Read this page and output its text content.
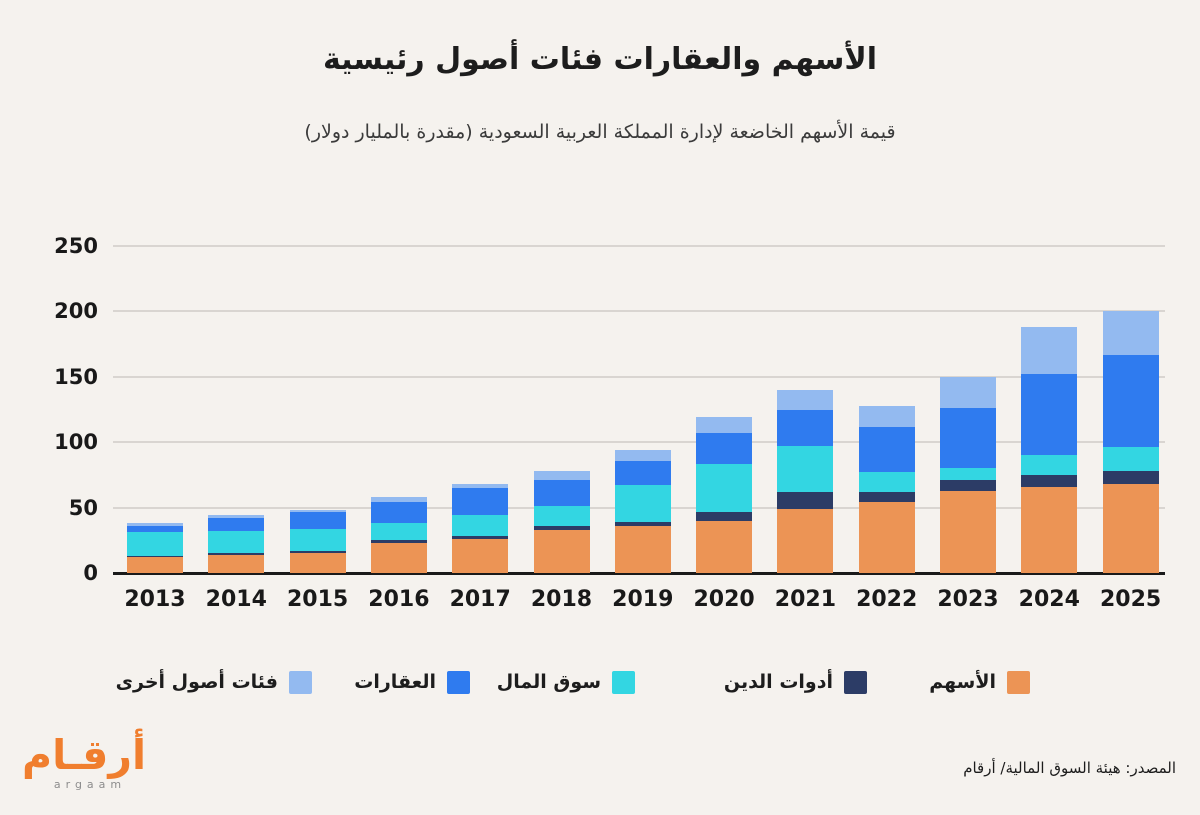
الأسهم والعقارات فئات أصول رئيسية
قيمة الأسهم الخاضعة لإدارة المملكة العربية السعودية (مقدرة بالمليار دولار)
0
50
100
150
200
250
2013 2014 2015 2016 2017 2018 2019 2020 2021 2022 2023 2024 2025
فئات أصول أخرى	العقارات	سوق المال	أدوات الدين	الأسهم
أرقـام
argaam
المصدر: هيئة السوق المالية/ أرقام
